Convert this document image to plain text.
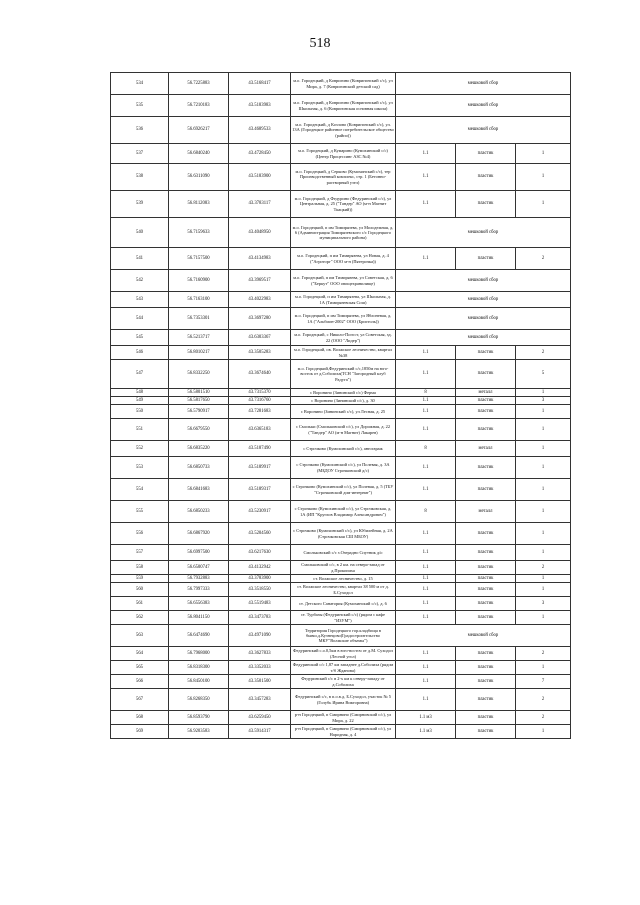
518
534	56.7225883	43.5168417	м.о. Городецкий, д Ковригино (Ковригинский с/с), ул Мира, д. 7 (Ковригинский детский сад)	мешковой сбор		
535	56.7210183	43.5183983	м.о. Городецкий, д Ковригино (Ковригинский с/с), ул Школьная, д. 6 (Ковригинская основная школа)	мешковой сбор		
536	56.6926217	43.4689533	м.о. Городецкий, д Козлово (Ковригинский с/с), ул. 13А (Городецкое районное потребительское общество (райпо))	мешковой сбор		
537	56.6840240	43.4728450	м.о. Городецкий, д Кумарино (Кумохинский с/с) (Центр Процессинг АЗС №4)	1.1	пластик	1
538	56.6311090	43.5183900	м.о. Городецкий, д Серково (Кумохинский с/с), тер Производственный комплекс, стр. 1 (Бетонно-растворный узел)	1.1	пластик	1
539	56.8112083	43.3783117	м.о. Городецкий, д Федурино (Федуринский с/с), ул Центральная, д. 25 ("Тандер" АО (м-н Магнит Ткацкий))	1.1	пластик	1
540	56.7159633	43.4048950	м.о. Городецкий, п им Тимирязева, ул Молодежная, д. 6 (Администрация Тимирязевского с/с Городецкого муниципального района)	мешковой сбор		
541	56.7157500	43.4134983	м.о. Городецкий, п им Тимирязева, ул Новая, д. 4 ("Агроторг" ООО м-н (Пятерочка))	1.1	пластик	2
542	56.7160900	43.3969517	м.о. Городецкий, п им Тимирязева, ул Советская, д. 6 ("Беркут" ООО овощехранилище)	мешковой сбор		
543	56.7163100	43.4022983	м.о. Городецкий, п им Тимирязева, ул Школьная, д. 1А (Тимирязевская Сош)	мешковой сбор		
544	56.7353301	43.3697280	м.о. Городецкий, п им Тимирязева, ул Яблоневая, д. 1А ("Альбион-2002" ООО (Бристоль))	мешковой сбор		
545	56.5213717	43.6303367	м.о. Городецкий, с Николо-Погост, ул Советская, зд. 22 (ООО "Лидер")	мешковой сбор		
546	56.8010217	43.3505283	м.о. Городецкий, ов. Волжское лесничество, квартал №38	1.1	пластик	2
547	56.8332250	43.3674640	м.о. Городецкий,Федуринский с/с,1850м на юго-восток от д.Соболиха(ТСН "Загородный клуб Радуга")	1.1	пластик	5
548	56.5801510	43.7315370	с Воронино (Зининский с/с) Ферма	8	металл	1
549	56.5817650	43.7316760	с Воронино (Зининский с/с), д. 30	1.1	пластик	3
550	56.5790917	43.7281683	с Воронино (Зининский с/с), ул Лесная, д. 25	1.1	пластик	1
551	56.6679550	43.6365183	с Смольки (Смольковский с/с), ул Дорожная, д. 22 ("Тандер" АО (м-н Магнит) Лакарев)	1.1	пластик	1
552	56.6835220	43.5187490	с Строчково (Кумохинский с/с), автогараж	8	металл	1
553	56.6850733	43.5189917	с Строчково (Кумохинский с/с), ул Полевая, д. 3А (МБДОУ Строчковский д/с)	1.1	пластик	1
554	56.6841683	43.5189317	с Строчково (Кумохинский с/с), ул Полевая, д. 5 (ТБУ "Строчковский дом-интернат")	1.1	пластик	1
555	56.6850233	43.5230917	с Строчково (Кумохинский с/с), ул Строчковская, д. 1А (ИП "Круглов Владимир Александрович")	8	металл	1
556	56.6867920	43.5204560	с Строчково (Кумохинский с/с), ул Юбилейная, д. 2А (Строчковская СШ МБОУ)	1.1	пластик	1
557	56.6997500	43.6217630	Смольковский с/с з.Озерадно Спутник д/о	1.1	пластик	1
558	56.6500747	43.4132942	Смольковский с/с, в 2 км. на северо-запад от д.Прокопиха	1.1	пластик	2
559	56.7932883	43.3783900	ст. Волжское лесничество, д. 15	1.1	пластик	1
560	56.7997333	43.3518550	ст. Волжское лесничество, квартал 38 500 м от д. Б.Суходол	1.1	пластик	1
561	56.6556383	43.5519483	ст. Детского Санатория (Кумохинский с/с), д. 6	1.1	пластик	3
562	56.8041150	43.3473783	ст. Турбазы (Федуринский с/с) (рядом с кафе "ИЗУМ")	1.1	пластик	1
563	56.6474690	43.4971090	Территория Городецкого гор.кладбища в бывш.д.Кузнецово(Градостроительство МКУ"Волжские объемы")	мешковой сбор		
564	56.7968000	43.3627833	Федуринский с.о.0,5км в юго-восточ от д.М. Суходол (Лесной угол)	1.1	пластик	2
565	56.8318300	43.3352033	Федуринский с/с 1,87 км западнее д.Соболиха (рядом т/б Жданова)	1.1	пластик	1
566	56.8450100	43.3501500	Федуринский с/с в 2-х км к северу-западу от д.Соболиха	1.1	пластик	7
567	56.8268350	43.3457283	Федуринский с/с, в п.о.в.д. Б.Суходол, участок № 5 (Голубь Ирина Викторовна)	1.1	пластик	2
568	56.8593790	43.6259450	р-н Городецкий, п Смирнино (Смирновский с/с), ул Мира, д. 22	1.1 м3	пластик	2
569	56.9203583	43.5914317	р-н Городецкий, п Смирнино (Смирновский с/с), ул Народная, д. 4	1.1 м3	пластик	1
